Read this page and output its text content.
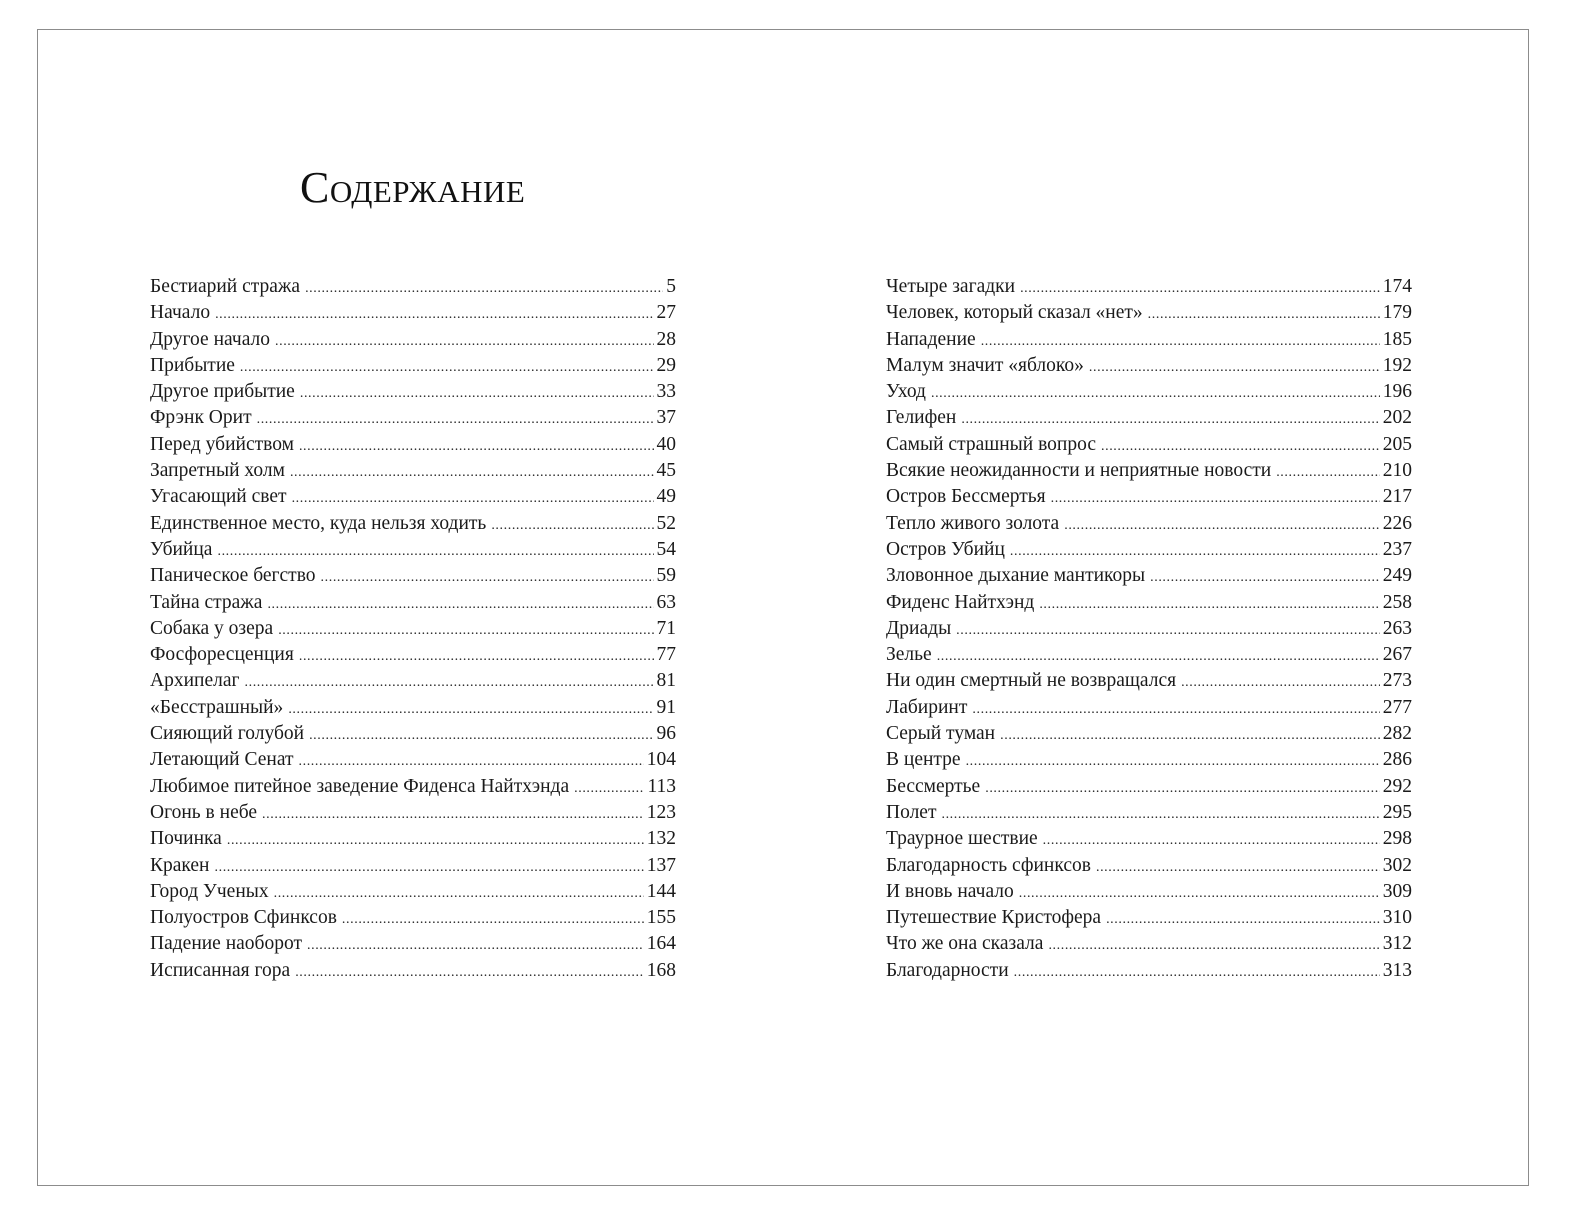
Содержание
Бестиарий стража .....	5
Начало .....	27
Другое начало .....	28
Прибытие .....	29
Другое прибытие .....	33
Фрэнк Орит .....	37
Перед убийством .....	40
Запретный холм .....	45
Угасающий свет .....	49
Единственное место, куда нельзя ходить .....	52
Убийца .....	54
Паническое бегство .....	59
Тайна стража .....	63
Собака у озера .....	71
Фосфоресценция .....	77
Архипелаг .....	81
«Бесстрашный» .....	91
Сияющий голубой .....	96
Летающий Сенат .....	104
Любимое питейное заведение Фиденса Найтхэнда .....	113
Огонь в небе .....	123
Починка .....	132
Кракен .....	137
Город Ученых .....	144
Полуостров Сфинксов .....	155
Падение наоборот .....	164
Исписанная гора .....	168
Четыре загадки .....	174
Человек, который сказал «нет» .....	179
Нападение .....	185
Малум значит «яблоко» .....	192
Уход .....	196
Гелифен .....	202
Самый страшный вопрос .....	205
Всякие неожиданности и неприятные новости .....	210
Остров Бессмертья .....	217
Тепло живого золота .....	226
Остров Убийц .....	237
Зловонное дыхание мантикоры .....	249
Фиденс Найтхэнд .....	258
Дриады .....	263
Зелье .....	267
Ни один смертный не возвращался .....	273
Лабиринт .....	277
Серый туман .....	282
В центре .....	286
Бессмертье .....	292
Полет .....	295
Траурное шествие .....	298
Благодарность сфинксов .....	302
И вновь начало .....	309
Путешествие Кристофера .....	310
Что же она сказала .....	312
Благодарности .....	313
